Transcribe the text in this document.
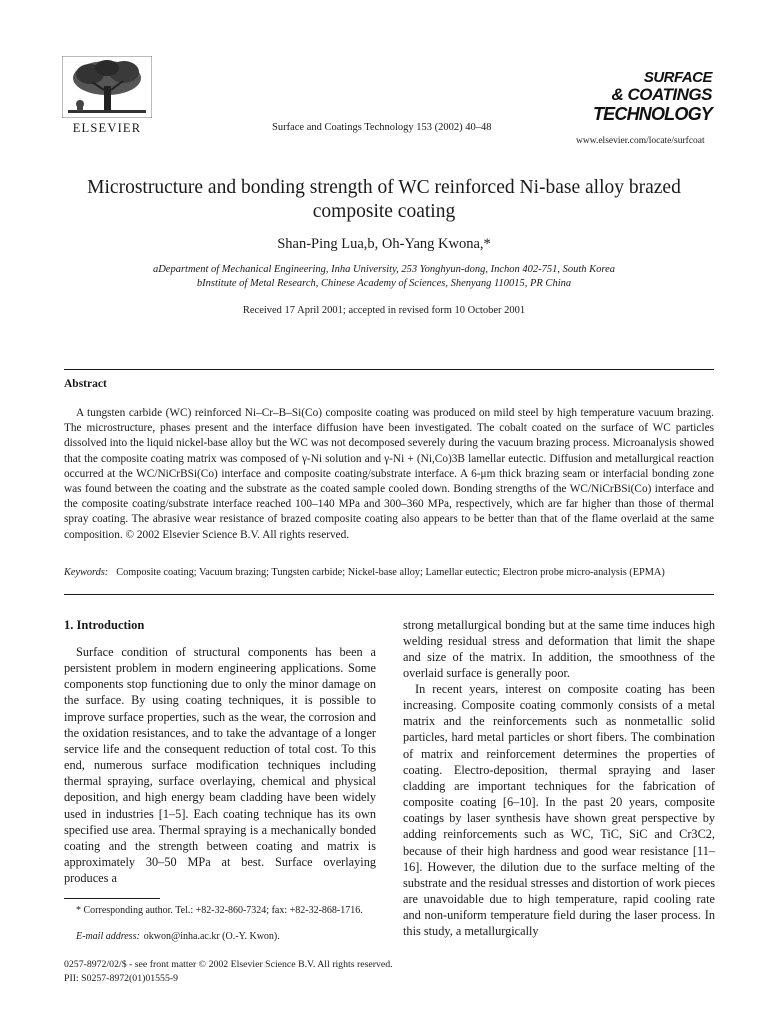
ELSEVIER	Surface and Coatings Technology 153 (2002) 40–48
SURFACE
& COATINGS
TECHNOLOGY
www.elsevier.com/locate/surfcoat
Microstructure and bonding strength of WC reinforced Ni-base alloy brazed composite coating
Shan-Ping Lua,b, Oh-Yang Kwona,*
aDepartment of Mechanical Engineering, Inha University, 253 Yonghyun-dong, Inchon 402-751, South Korea
bInstitute of Metal Research, Chinese Academy of Sciences, Shenyang 110015, PR China
Received 17 April 2001; accepted in revised form 10 October 2001
Abstract

A tungsten carbide (WC) reinforced Ni–Cr–B–Si(Co) composite coating was produced on mild steel by high temperature vacuum brazing. The microstructure, phases present and the interface diffusion have been investigated. The cobalt coated on the surface of WC particles dissolved into the liquid nickel-base alloy but the WC was not decomposed severely during the vacuum brazing process. Microanalysis showed that the composite coating matrix was composed of γ-Ni solution and γ-Ni + (Ni,Co)3B lamellar eutectic. Diffusion and metallurgical reaction occurred at the WC/NiCrBSi(Co) interface and composite coating/substrate interface. A 6-μm thick brazing seam or interfacial bonding zone was found between the coating and the substrate as the coated sample cooled down. Bonding strengths of the WC/NiCrBSi(Co) interface and the composite coating/substrate interface reached 100–140 MPa and 300–360 MPa, respectively, which are far higher than those of thermal spray coating. The abrasive wear resistance of brazed composite coating also appears to be better than that of the flame overlaid at the same composition. © 2002 Elsevier Science B.V. All rights reserved.

Keywords: Composite coating; Vacuum brazing; Tungsten carbide; Nickel-base alloy; Lamellar eutectic; Electron probe micro-analysis (EPMA)
1. Introduction

Surface condition of structural components has been a persistent problem in modern engineering applications. Some components stop functioning due to only the minor damage on the surface. By using coating techniques, it is possible to improve surface properties, such as the wear, the corrosion and the oxidation resistances, and to take the advantage of a longer service life and the consequent reduction of total cost. To this end, numerous surface modification techniques including thermal spraying, surface overlaying, chemical and physical deposition, and high energy beam cladding have been widely used in industries [1–5]. Each coating technique has its own specified use area. Thermal spraying is a mechanically bonded coating and the strength between coating and matrix is approximately 30–50 MPa at best. Surface overlaying produces a

strong metallurgical bonding but at the same time induces high welding residual stress and deformation that limit the shape and size of the matrix. In addition, the smoothness of the overlaid surface is generally poor.

In recent years, interest on composite coating has been increasing. Composite coating commonly consists of a metal matrix and the reinforcements such as nonmetallic solid particles, hard metal particles or short fibers. The combination of matrix and reinforcement determines the properties of coating. Electro-deposition, thermal spraying and laser cladding are important techniques for the fabrication of composite coating [6–10]. In the past 20 years, composite coatings by laser synthesis have shown great perspective by adding reinforcements such as WC, TiC, SiC and Cr3C2, because of their high hardness and good wear resistance [11–16]. However, the dilution due to the surface melting of the substrate and the residual stresses and distortion of work pieces are unavoidable due to high temperature, rapid cooling rate and non-uniform temperature field during the laser process. In this study, a metallurgically

* Corresponding author. Tel.: +82-32-860-7324; fax: +82-32-868-1716.

E-mail address: okwon@inha.ac.kr (O.-Y. Kwon).
0257-8972/02/$ - see front matter © 2002 Elsevier Science B.V. All rights reserved.
PII: S0257-8972(01)01555-9
